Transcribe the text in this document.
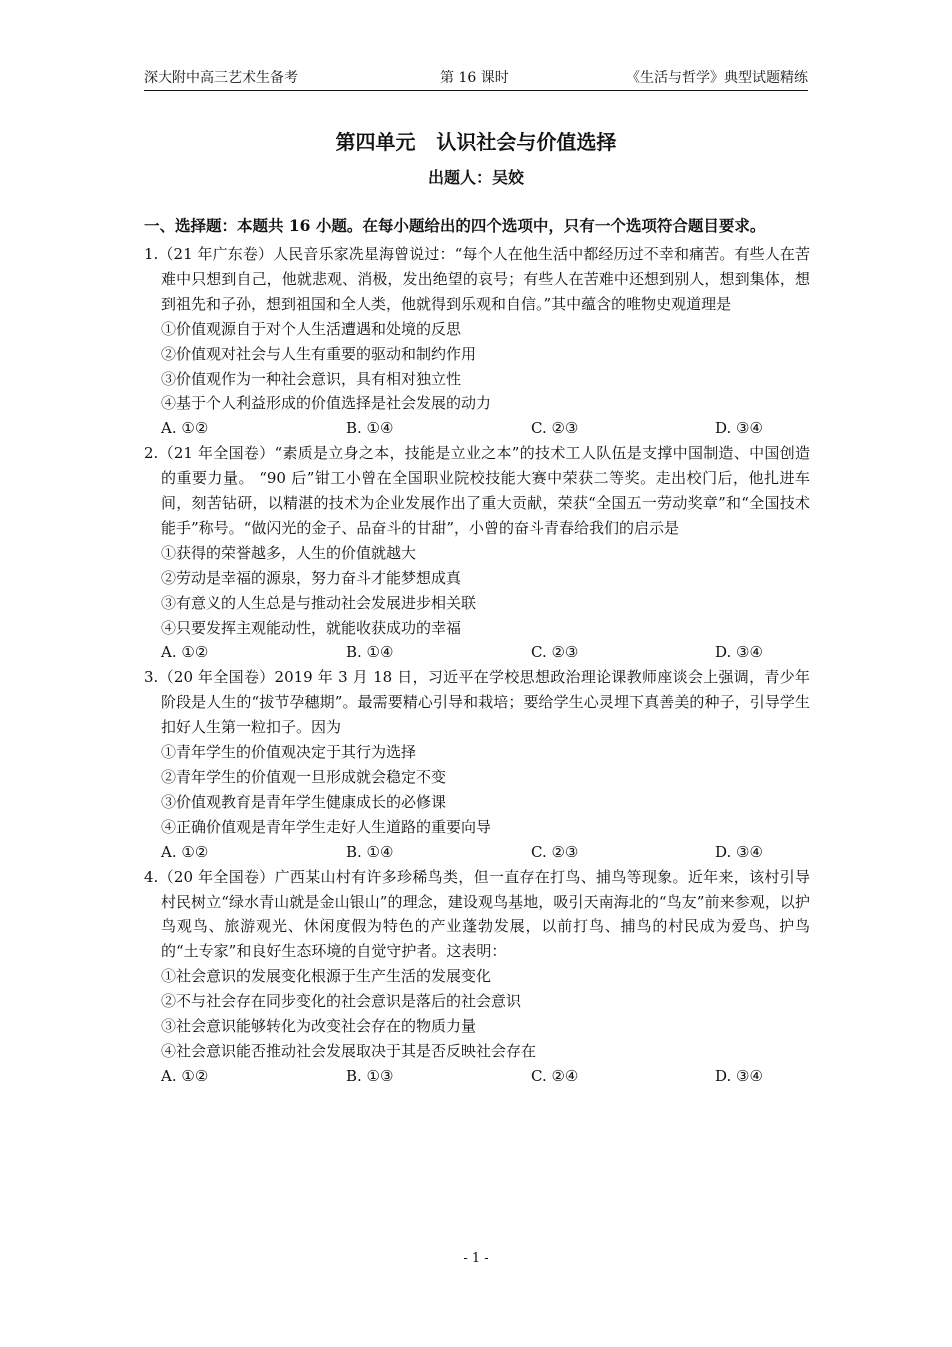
深大附中高三艺术生备考	第 16 课时	《生活与哲学》典型试题精练
第四单元   认识社会与价值选择
出题人：吴姣
一、选择题：本题共 16 小题。在每小题给出的四个选项中，只有一个选项符合题目要求。
1.（21 年广东卷）人民音乐家冼星海曾说过：“每个人在他生活中都经历过不幸和痛苦。有些人在苦难中只想到自己，他就悲观、消极，发出绝望的哀号；有些人在苦难中还想到别人，想到集体，想到祖先和子孙，想到祖国和全人类，他就得到乐观和自信。”其中蕴含的唯物史观道理是
①价值观源自于对个人生活遭遇和处境的反思
②价值观对社会与人生有重要的驱动和制约作用
③价值观作为一种社会意识，具有相对独立性
④基于个人利益形成的价值选择是社会发展的动力
A. ①②	B. ①④	C. ②③	D. ③④
2.（21 年全国卷）“素质是立身之本，技能是立业之本”的技术工人队伍是支撑中国制造、中国创造的重要力量。 “90 后”钳工小曾在全国职业院校技能大赛中荣获二等奖。走出校门后，他扎进车间，刻苦钻研，以精湛的技术为企业发展作出了重大贡献，荣获“全国五一劳动奖章”和“全国技术能手”称号。“做闪光的金子、品奋斗的甘甜”，小曾的奋斗青春给我们的启示是
①获得的荣誉越多，人生的价值就越大
②劳动是幸福的源泉，努力奋斗才能梦想成真
③有意义的人生总是与推动社会发展进步相关联
④只要发挥主观能动性，就能收获成功的幸福
A. ①②	B. ①④	C. ②③	D. ③④
3.（20 年全国卷）2019 年 3 月 18 日，习近平在学校思想政治理论课教师座谈会上强调，青少年阶段是人生的“拔节孕穗期”。最需要精心引导和栽培；要给学生心灵埋下真善美的种子，引导学生扣好人生第一粒扣子。因为
①青年学生的价值观决定于其行为选择
②青年学生的价值观一旦形成就会稳定不变
③价值观教育是青年学生健康成长的必修课
④正确价值观是青年学生走好人生道路的重要向导
A. ①②	B. ①④	C. ②③	D. ③④
4.（20 年全国卷）广西某山村有许多珍稀鸟类，但一直存在打鸟、捕鸟等现象。近年来，该村引导村民树立“绿水青山就是金山银山”的理念，建设观鸟基地，吸引天南海北的“鸟友”前来参观，以护鸟观鸟、旅游观光、休闲度假为特色的产业蓬勃发展，以前打鸟、捕鸟的村民成为爱鸟、护鸟的“土专家”和良好生态环境的自觉守护者。这表明：
①社会意识的发展变化根源于生产生活的发展变化
②不与社会存在同步变化的社会意识是落后的社会意识
③社会意识能够转化为改变社会存在的物质力量
④社会意识能否推动社会发展取决于其是否反映社会存在
A. ①②	B. ①③	C. ②④	D. ③④
- 1 -
